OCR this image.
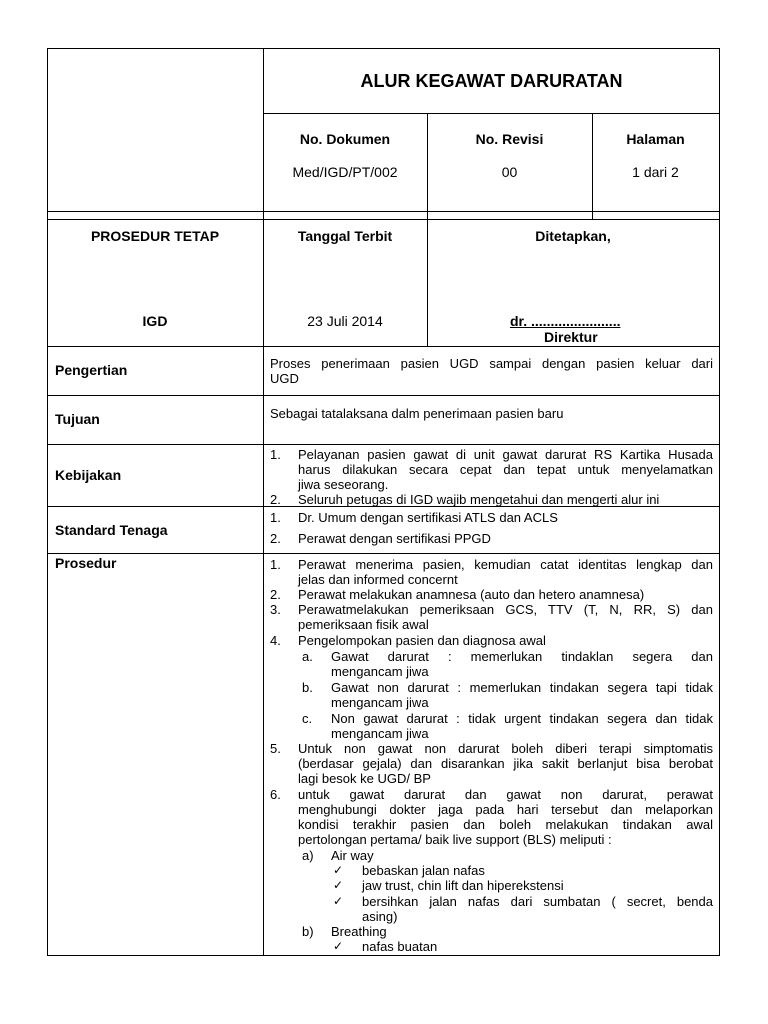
ALUR KEGAWAT DARURATAN
No. Dokumen
Med/IGD/PT/002
No. Revisi
00
Halaman
1 dari 2
PROSEDUR TETAP
IGD
Tanggal Terbit
23 Juli 2014
Ditetapkan,
dr. .......................
Direktur
Pengertian
Tujuan
Kebijakan
Standard Tenaga
Prosedur
Proses penerimaan pasien UGD sampai dengan pasien keluar dari
UGD
Sebagai tatalaksana dalm penerimaan pasien baru
1. Pelayanan pasien gawat di unit gawat darurat RS Kartika Husada
harus dilakukan secara cepat dan tepat untuk menyelamatkan
jiwa seseorang.
2. Seluruh petugas di IGD wajib mengetahui dan mengerti alur ini
1. Dr. Umum dengan sertifikasi ATLS dan ACLS
2. Perawat dengan sertifikasi PPGD
1. Perawat menerima pasien, kemudian catat identitas lengkap dan
jelas dan informed concernt
2. Perawat melakukan anamnesa (auto dan hetero anamnesa)
3. Perawatmelakukan pemeriksaan GCS, TTV (T, N, RR, S) dan
pemeriksaan fisik awal
4. Pengelompokan pasien dan diagnosa awal
5. Untuk non gawat non darurat boleh diberi terapi simptomatis
(berdasar gejala) dan disarankan jika sakit berlanjut bisa berobat
lagi besok ke UGD/ BP
6. untuk gawat darurat dan gawat non darurat, perawat
menghubungi dokter jaga pada hari tersebut dan melaporkan
kondisi terakhir pasien dan boleh melakukan tindakan awal
pertolongan pertama/ baik live support (BLS) meliputi :
a. Gawat darurat : memerlukan tindaklan segera dan
mengancam jiwa
b. Gawat non darurat : memerlukan tindakan segera tapi tidak
mengancam jiwa
c. Non gawat darurat : tidak urgent tindakan segera dan tidak
mengancam jiwa
a) Air way
✓ bebaskan jalan nafas
✓ jaw trust, chin lift dan hiperekstensi
✓ bersihkan jalan nafas dari sumbatan ( secret, benda
asing)
b) Breathing
✓ nafas buatan
